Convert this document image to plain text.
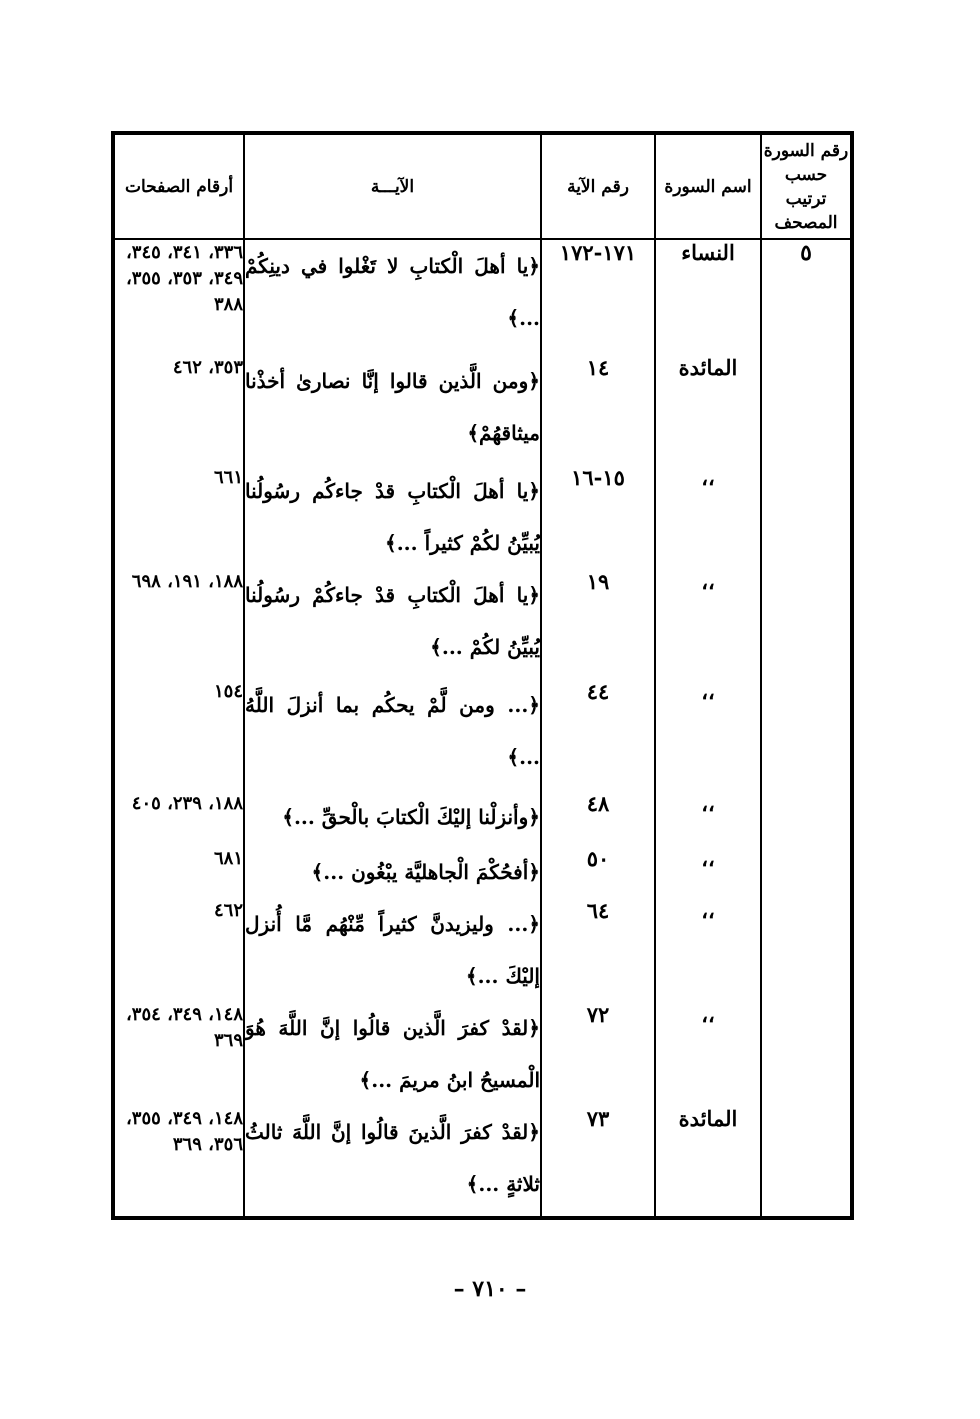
رقم السورة حسب ترتيب المصحف	اسم السورة	رقم الآية	الآيـــة	أرقام الصفحات
٥	النساء	١٧١-١٧٢	﴿يا أهلَ الْكتابِ لا تَغْلوا في دينِكُمْ ...﴾	٣٣٦، ٣٤١، ٣٤٥، ٣٤٩، ٣٥٣، ٣٥٥، ٣٨٨
	المائدة	١٤	﴿ومن الَّذين قالوا إنَّا نصارىٰ أخذْنا ميثاقهُمْ﴾	٣٥٣، ٤٦٢
	،،	١٥-١٦	﴿يا أهلَ الْكتابِ قدْ جاءكُم رسُولُنا يُبيِّنُ لكُمْ كثيراً ...﴾	٦٦١
	،،	١٩	﴿يا أهلَ الْكتابِ قدْ جاءكُمْ رسُولُنا يُبيِّنُ لكُمْ ...﴾	١٨٨، ١٩١، ٦٩٨
	،،	٤٤	﴿... ومن لَّمْ يحكُم بما أنزلَ اللَّهُ ...﴾	١٥٤
	،،	٤٨	﴿وأنزلْنا إليْكَ الْكتابَ بالْحقِّ ...﴾	١٨٨، ٢٣٩، ٤٠٥
	،،	٥٠	﴿أفحُكْمَ الْجاهليَّة يبْغُون ...﴾	٦٨١
	،،	٦٤	﴿... وليزيدنَّ كثيراً مِّنْهُم مَّا أُنزل إليْكَ ...﴾	٤٦٢
	،،	٧٢	﴿لقدْ كفرَ الَّذين قالُوا إنَّ اللَّهَ هُوَ الْمسيحُ ابنُ مريمَ ...﴾	١٤٨، ٣٤٩، ٣٥٤، ٣٦٩
	المائدة	٧٣	﴿لقدْ كفرَ الَّذينَ قالُوا إنَّ اللَّهَ ثالثُ ثلاثةٍ ...﴾	١٤٨، ٣٤٩، ٣٥٥، ٣٥٦، ٣٦٩
– ٧١٠ –
